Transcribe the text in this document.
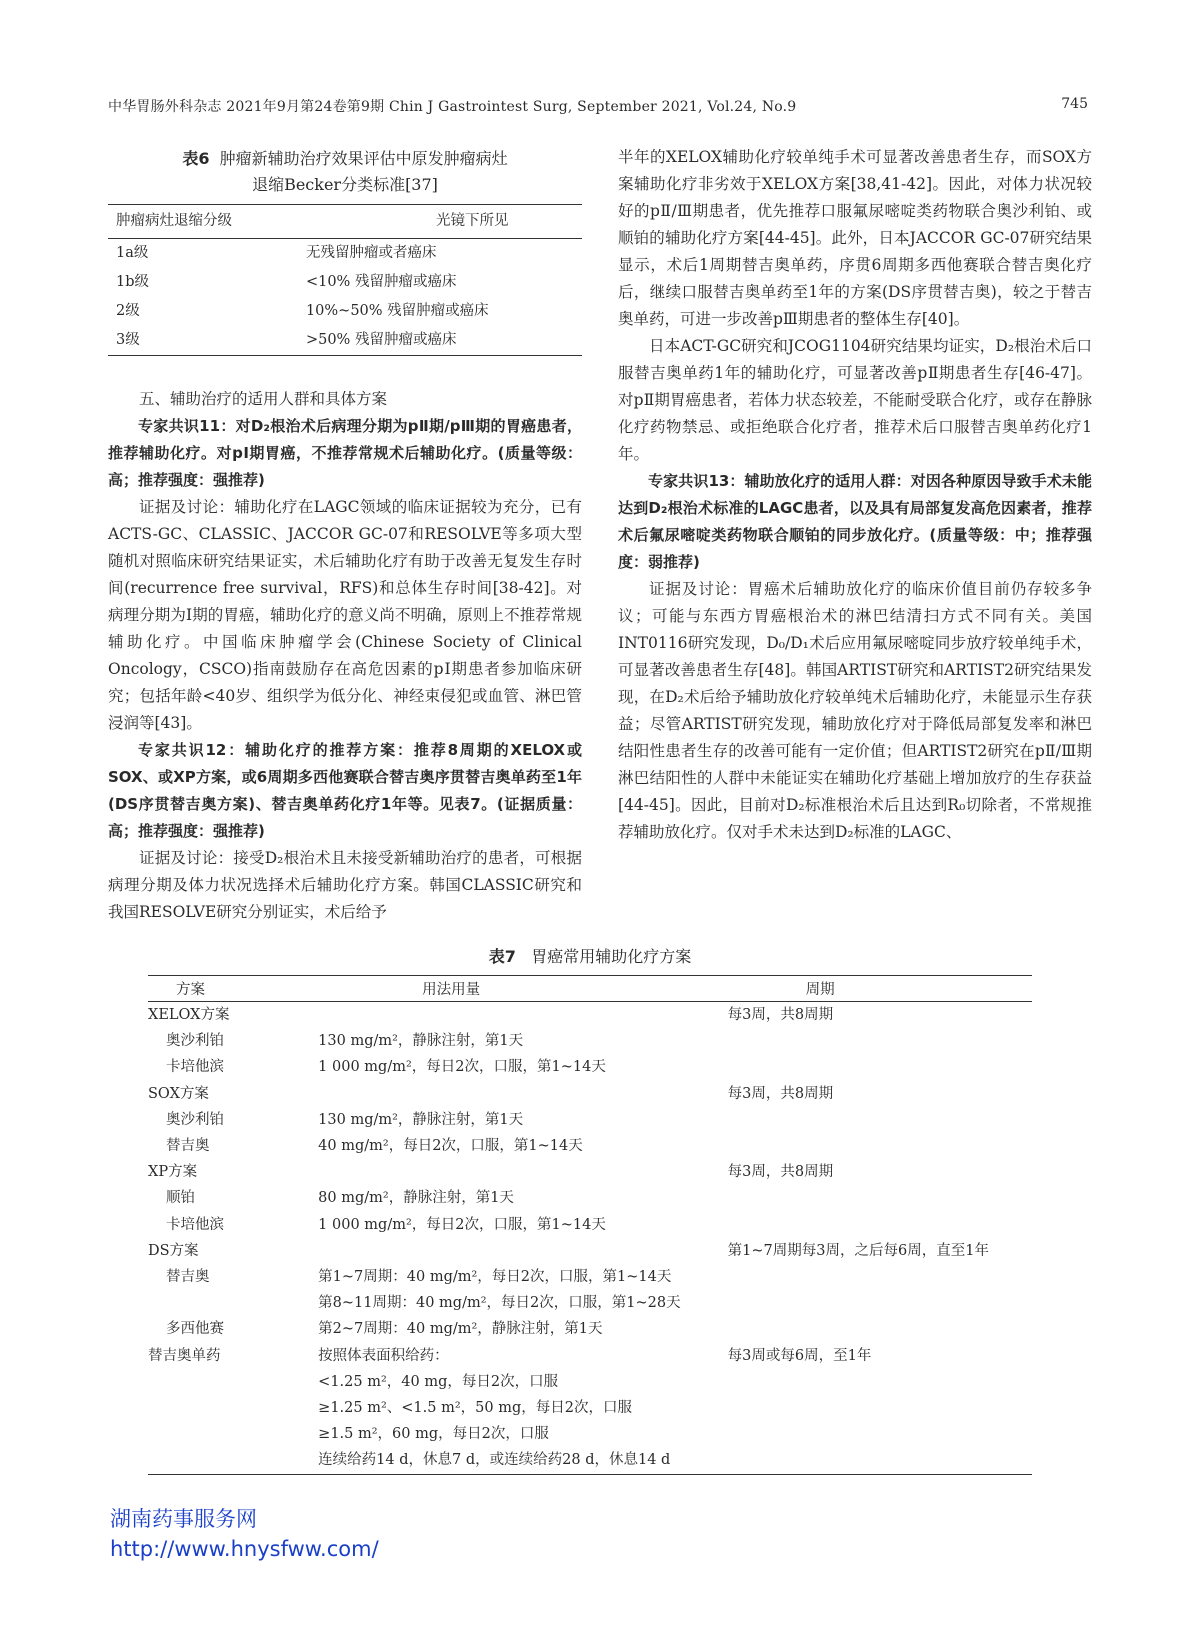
中华胃肠外科杂志 2021年9月第24卷第9期 Chin J Gastrointest Surg, September 2021, Vol.24, No.9	745
表6 肿瘤新辅助治疗效果评估中原发肿瘤病灶
退缩Becker分类标准[37]
肿瘤病灶退缩分级	光镜下所见
1a级	无残留肿瘤或者癌床
1b级	<10% 残留肿瘤或癌床
2级	10%~50% 残留肿瘤或癌床
3级	>50% 残留肿瘤或癌床

五、辅助治疗的适用人群和具体方案

专家共识11：对D₂根治术后病理分期为pⅡ期/pⅢ期的胃癌患者，推荐辅助化疗。对pⅠ期胃癌，不推荐常规术后辅助化疗。(质量等级：高；推荐强度：强推荐)

证据及讨论：辅助化疗在LAGC领域的临床证据较为充分，已有ACTS-GC、CLASSIC、JACCOR GC-07和RESOLVE等多项大型随机对照临床研究结果证实，术后辅助化疗有助于改善无复发生存时间(recurrence free survival，RFS)和总体生存时间[38-42]。对病理分期为Ⅰ期的胃癌，辅助化疗的意义尚不明确，原则上不推荐常规辅助化疗。中国临床肿瘤学会(Chinese Society of Clinical Oncology，CSCO)指南鼓励存在高危因素的pⅠ期患者参加临床研究；包括年龄<40岁、组织学为低分化、神经束侵犯或血管、淋巴管浸润等[43]。

专家共识12：辅助化疗的推荐方案：推荐8周期的XELOX或SOX、或XP方案，或6周期多西他赛联合替吉奥序贯替吉奥单药至1年(DS序贯替吉奥方案)、替吉奥单药化疗1年等。见表7。(证据质量：高；推荐强度：强推荐)

证据及讨论：接受D₂根治术且未接受新辅助治疗的患者，可根据病理分期及体力状况选择术后辅助化疗方案。韩国CLASSIC研究和我国RESOLVE研究分别证实，术后给予

半年的XELOX辅助化疗较单纯手术可显著改善患者生存，而SOX方案辅助化疗非劣效于XELOX方案[38,41-42]。因此，对体力状况较好的pⅡ/Ⅲ期患者，优先推荐口服氟尿嘧啶类药物联合奥沙利铂、或顺铂的辅助化疗方案[44-45]。此外，日本JACCOR GC-07研究结果显示，术后1周期替吉奥单药，序贯6周期多西他赛联合替吉奥化疗后，继续口服替吉奥单药至1年的方案(DS序贯替吉奥)，较之于替吉奥单药，可进一步改善pⅢ期患者的整体生存[40]。

日本ACT-GC研究和JCOG1104研究结果均证实，D₂根治术后口服替吉奥单药1年的辅助化疗，可显著改善pⅡ期患者生存[46-47]。对pⅡ期胃癌患者，若体力状态较差，不能耐受联合化疗，或存在静脉化疗药物禁忌、或拒绝联合化疗者，推荐术后口服替吉奥单药化疗1年。

专家共识13：辅助放化疗的适用人群：对因各种原因导致手术未能达到D₂根治术标准的LAGC患者，以及具有局部复发高危因素者，推荐术后氟尿嘧啶类药物联合顺铂的同步放化疗。(质量等级：中；推荐强度：弱推荐)

证据及讨论：胃癌术后辅助放化疗的临床价值目前仍存较多争议；可能与东西方胃癌根治术的淋巴结清扫方式不同有关。美国INT0116研究发现，D₀/D₁术后应用氟尿嘧啶同步放疗较单纯手术，可显著改善患者生存[48]。韩国ARTIST研究和ARTIST2研究结果发现，在D₂术后给予辅助放化疗较单纯术后辅助化疗，未能显示生存获益；尽管ARTIST研究发现，辅助放化疗对于降低局部复发率和淋巴结阳性患者生存的改善可能有一定价值；但ARTIST2研究在pⅡ/Ⅲ期淋巴结阳性的人群中未能证实在辅助化疗基础上增加放疗的生存获益[44-45]。因此，目前对D₂标准根治术后且达到R₀切除者，不常规推荐辅助放化疗。仅对手术未达到D₂标准的LAGC、

表7 胃癌常用辅助化疗方案
方案	用法用量	周期
XELOX方案		每3周，共8周期
奥沙利铂	130 mg/m²，静脉注射，第1天	
卡培他滨	1 000 mg/m²，每日2次，口服，第1~14天	
SOX方案		每3周，共8周期
奥沙利铂	130 mg/m²，静脉注射，第1天	
替吉奥	40 mg/m²，每日2次，口服，第1~14天	
XP方案		每3周，共8周期
顺铂	80 mg/m²，静脉注射，第1天	
卡培他滨	1 000 mg/m²，每日2次，口服，第1~14天	
DS方案		第1~7周期每3周，之后每6周，直至1年
替吉奥	第1~7周期：40 mg/m²，每日2次，口服，第1~14天	
	第8~11周期：40 mg/m²，每日2次，口服，第1~28天	
多西他赛	第2~7周期：40 mg/m²，静脉注射，第1天	
替吉奥单药	按照体表面积给药：	每3周或每6周，至1年
	<1.25 m²，40 mg，每日2次，口服	
	≥1.25 m²、<1.5 m²，50 mg，每日2次，口服	
	≥1.5 m²，60 mg，每日2次，口服	
	连续给药14 d，休息7 d，或连续给药28 d，休息14 d	
湖南药事服务网
http://www.hnysfww.com/
